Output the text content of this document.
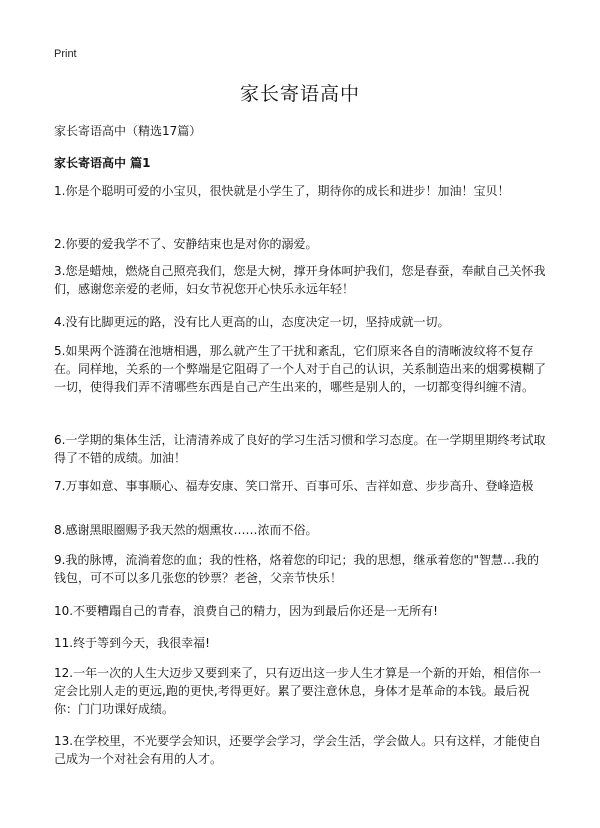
Print
家长寄语高中
家长寄语高中（精选17篇）
家长寄语高中 篇1
1.你是个聪明可爱的小宝贝，很快就是小学生了，期待你的成长和进步！加油！宝贝！
2.你要的爱我学不了、安静结束也是对你的溺爱。
3.您是蜡烛，燃烧自己照亮我们，您是大树，撑开身体呵护我们，您是春蚕，奉献自己关怀我们，感谢您亲爱的老师，妇女节祝您开心快乐永远年轻！
4.没有比脚更远的路，没有比人更高的山，态度决定一切，坚持成就一切。
5.如果两个涟漪在池塘相遇，那么就产生了干扰和紊乱，它们原来各自的清晰波纹将不复存在。同样地，关系的一个弊端是它阻碍了一个人对于自己的认识，关系制造出来的烟雾模糊了一切，使得我们弄不清哪些东西是自己产生出来的，哪些是别人的，一切都变得纠缠不清。
6.一学期的集体生活，让清清养成了良好的学习生活习惯和学习态度。在一学期里期终考试取得了不错的成绩。加油！
7.万事如意、事事顺心、福寿安康、笑口常开、百事可乐、吉祥如意、步步高升、登峰造极
8.感谢黑眼圈赐予我天然的烟熏妆……浓而不俗。
9.我的脉博，流淌着您的血；我的性格，烙着您的印记；我的思想，继承着您的"智慧…我的钱包，可不可以多几张您的钞票？老爸，父亲节快乐！
10.不要糟蹋自己的青春，浪费自己的精力，因为到最后你还是一无所有!
11.终于等到今天，我很幸福!
12.一年一次的人生大迈步又要到来了，只有迈出这一步人生才算是一个新的开始，相信你一定会比别人走的更远,跑的更快,考得更好。累了要注意休息，身体才是革命的本钱。最后祝你：门门功课好成绩。
13.在学校里，不光要学会知识，还要学会学习，学会生活，学会做人。只有这样，才能使自己成为一个对社会有用的人才。
